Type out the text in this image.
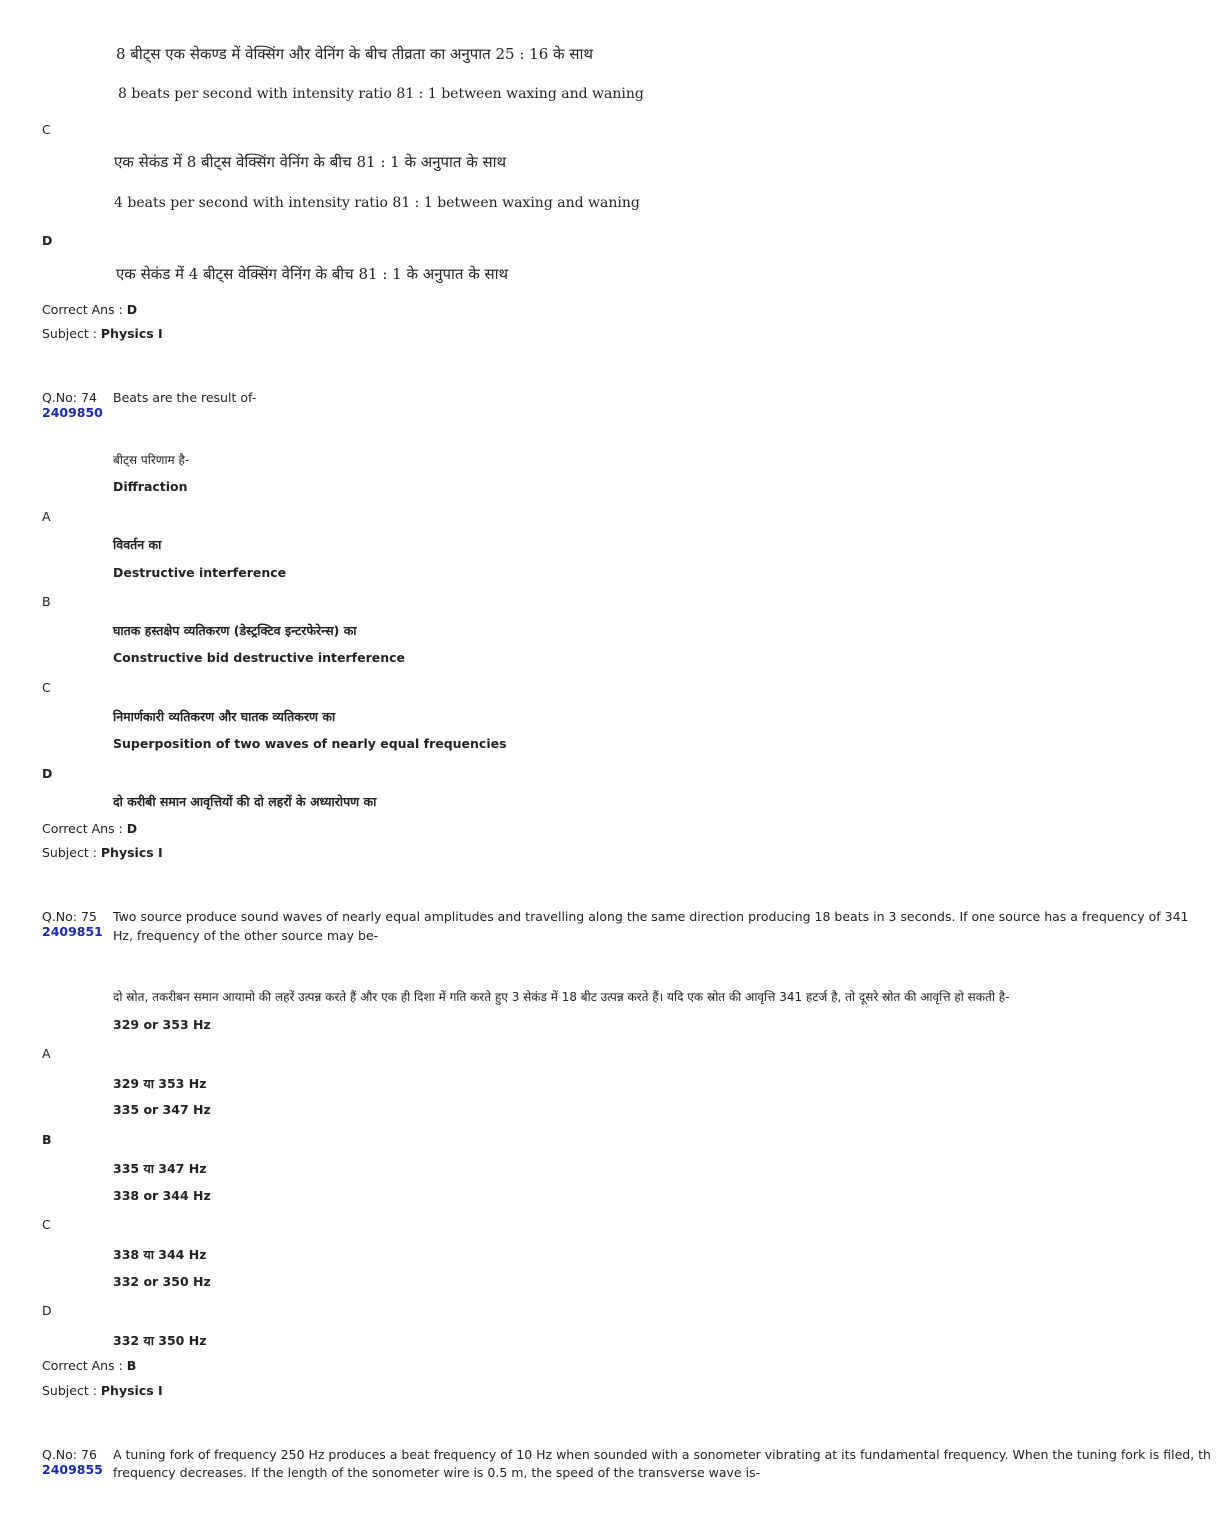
8 बीट्स एक सेकण्ड में वेक्सिंग और वेनिंग के बीच तीव्रता का अनुपात 25 : 16 के साथ
8 beats per second with intensity ratio 81 : 1 between waxing and waning
C
एक सेकंड में 8 बीट्स वेक्सिंग वेनिंग के बीच 81 : 1 के अनुपात के साथ
4 beats per second with intensity ratio 81 : 1 between waxing and waning
D
एक सेकंड में 4 बीट्स वेक्सिंग वेनिंग के बीच 81 : 1 के अनुपात के साथ
Correct Ans : D
Subject : Physics I
Q.No: 74
2409850
Beats are the result of-
बीट्स परिणाम है-
Diffraction
A
विवर्तन का
Destructive interference
B
घातक हस्तक्षेप व्यतिकरण (डेस्ट्रक्टिव इन्टरफेरेन्स) का
Constructive bid destructive interference
C
निमार्णकारी व्यतिकरण और घातक व्यतिकरण का
Superposition of two waves of nearly equal frequencies
D
दो करीबी समान आवृत्तियों की दो लहरों के अध्यारोपण का
Correct Ans : D
Subject : Physics I
Q.No: 75
2409851
Two source produce sound waves of nearly equal amplitudes and travelling along the same direction producing 18 beats in 3 seconds. If one source has a frequency of 341 Hz, frequency of the other source may be-
दो स्रोत, तकरीबन समान आयामो की लहरें उत्पन्न करते हैं और एक ही दिशा में गति करते हुए 3 सेकंड में 18 बीट उत्पन्न करते हैं। यदि एक स्रोत की आवृत्ति 341 हटर्ज है, तो दूसरे स्रोत की आवृत्ति हो सकती है-
329 or 353 Hz
A
329 या 353 Hz
335 or 347 Hz
B
335 या 347 Hz
338 or 344 Hz
C
338 या 344 Hz
332 or 350 Hz
D
332 या 350 Hz
Correct Ans : B
Subject : Physics I
Q.No: 76
2409855
A tuning fork of frequency 250 Hz produces a beat frequency of 10 Hz when sounded with a sonometer vibrating at its fundamental frequency. When the tuning fork is filed, th
frequency decreases. If the length of the sonometer wire is 0.5 m, the speed of the transverse wave is-
